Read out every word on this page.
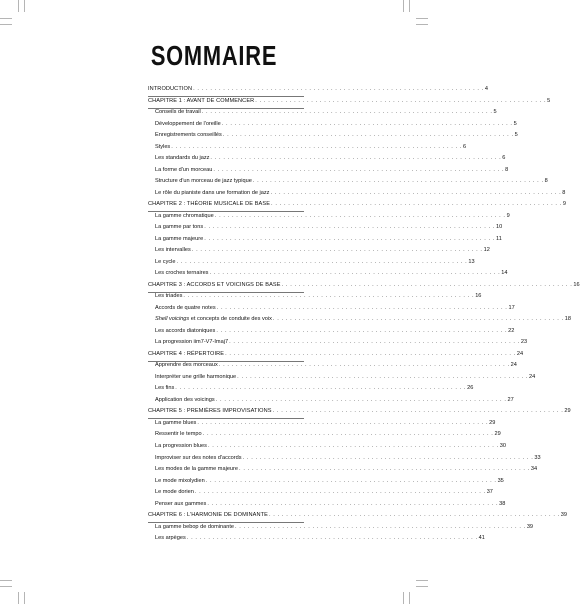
SOMMAIRE
INTRODUCTION . . . . . . . . . . . . . . . . . . . . . . . . . . . . . . . . . . . . . . . . . . . . . . . . . . . . . . . . . . . . . . . . . . . . 4
CHAPITRE 1 : AVANT DE COMMENCER . . . . . . . . . . . . . . . . . . . . . . . . . . . . . . . . . . . . . . . . . . . . . . . . . . . . . . . . . . . . . . . . . . . . 5
Conseils de travail . . . . . . . . . . . . . . . . . . . . . . . . . . . . . . . . . . . . . . . . . . . . . . . . . . . . . . . . . . . . . . . . . . . . 5
Développement de l'oreille . . . . . . . . . . . . . . . . . . . . . . . . . . . . . . . . . . . . . . . . . . . . . . . . . . . . . . . . . . . . . . . . . . . . 5
Enregistrements conseillés . . . . . . . . . . . . . . . . . . . . . . . . . . . . . . . . . . . . . . . . . . . . . . . . . . . . . . . . . . . . . . . . . . . . 5
Styles . . . . . . . . . . . . . . . . . . . . . . . . . . . . . . . . . . . . . . . . . . . . . . . . . . . . . . . . . . . . . . . . . . . . 6
Les standards du jazz . . . . . . . . . . . . . . . . . . . . . . . . . . . . . . . . . . . . . . . . . . . . . . . . . . . . . . . . . . . . . . . . . . . . 6
La forme d'un morceau . . . . . . . . . . . . . . . . . . . . . . . . . . . . . . . . . . . . . . . . . . . . . . . . . . . . . . . . . . . . . . . . . . . . 8
Structure d'un morceau de jazz typique . . . . . . . . . . . . . . . . . . . . . . . . . . . . . . . . . . . . . . . . . . . . . . . . . . . . . . . . . . . . . . . . . . . . 8
Le rôle du pianiste dans une formation de jazz . . . . . . . . . . . . . . . . . . . . . . . . . . . . . . . . . . . . . . . . . . . . . . . . . . . . . . . . . . . . . . . . . . . . 8
CHAPITRE 2 : THÉORIE MUSICALE DE BASE . . . . . . . . . . . . . . . . . . . . . . . . . . . . . . . . . . . . . . . . . . . . . . . . . . . . . . . . . . . . . . . . . . . . 9
La gamme chromatique . . . . . . . . . . . . . . . . . . . . . . . . . . . . . . . . . . . . . . . . . . . . . . . . . . . . . . . . . . . . . . . . . . . . 9
La gamme par tons . . . . . . . . . . . . . . . . . . . . . . . . . . . . . . . . . . . . . . . . . . . . . . . . . . . . . . . . . . . . . . . . . . . . 10
La gamme majeure . . . . . . . . . . . . . . . . . . . . . . . . . . . . . . . . . . . . . . . . . . . . . . . . . . . . . . . . . . . . . . . . . . . . 11
Les intervalles . . . . . . . . . . . . . . . . . . . . . . . . . . . . . . . . . . . . . . . . . . . . . . . . . . . . . . . . . . . . . . . . . . . . 12
Le cycle . . . . . . . . . . . . . . . . . . . . . . . . . . . . . . . . . . . . . . . . . . . . . . . . . . . . . . . . . . . . . . . . . . . . 13
Les croches ternaires . . . . . . . . . . . . . . . . . . . . . . . . . . . . . . . . . . . . . . . . . . . . . . . . . . . . . . . . . . . . . . . . . . . . 14
CHAPITRE 3 : ACCORDS ET VOICINGS DE BASE . . . . . . . . . . . . . . . . . . . . . . . . . . . . . . . . . . . . . . . . . . . . . . . . . . . . . . . . . . . . . . . . . . . . 16
Les triades . . . . . . . . . . . . . . . . . . . . . . . . . . . . . . . . . . . . . . . . . . . . . . . . . . . . . . . . . . . . . . . . . . . . 16
Accords de quatre notes . . . . . . . . . . . . . . . . . . . . . . . . . . . . . . . . . . . . . . . . . . . . . . . . . . . . . . . . . . . . . . . . . . . . 17
Shell voicings et concepts de conduite des voix . . . . . . . . . . . . . . . . . . . . . . . . . . . . . . . . . . . . . . . . . . . . . . . . . . . . . . . . . . . . . . . . . . . . 18
Les accords diatoniques . . . . . . . . . . . . . . . . . . . . . . . . . . . . . . . . . . . . . . . . . . . . . . . . . . . . . . . . . . . . . . . . . . . . 22
La progression iim7-V7-Imaj7 . . . . . . . . . . . . . . . . . . . . . . . . . . . . . . . . . . . . . . . . . . . . . . . . . . . . . . . . . . . . . . . . . . . . 23
CHAPITRE 4 : RÉPERTOIRE . . . . . . . . . . . . . . . . . . . . . . . . . . . . . . . . . . . . . . . . . . . . . . . . . . . . . . . . . . . . . . . . . . . . 24
Apprendre des morceaux . . . . . . . . . . . . . . . . . . . . . . . . . . . . . . . . . . . . . . . . . . . . . . . . . . . . . . . . . . . . . . . . . . . . 24
Interpréter une grille harmonique . . . . . . . . . . . . . . . . . . . . . . . . . . . . . . . . . . . . . . . . . . . . . . . . . . . . . . . . . . . . . . . . . . . . 24
Les fins . . . . . . . . . . . . . . . . . . . . . . . . . . . . . . . . . . . . . . . . . . . . . . . . . . . . . . . . . . . . . . . . . . . . 26
Application des voicings . . . . . . . . . . . . . . . . . . . . . . . . . . . . . . . . . . . . . . . . . . . . . . . . . . . . . . . . . . . . . . . . . . . . 27
CHAPITRE 5 : PREMIÈRES IMPROVISATIONS . . . . . . . . . . . . . . . . . . . . . . . . . . . . . . . . . . . . . . . . . . . . . . . . . . . . . . . . . . . . . . . . . . . . 29
La gamme blues . . . . . . . . . . . . . . . . . . . . . . . . . . . . . . . . . . . . . . . . . . . . . . . . . . . . . . . . . . . . . . . . . . . . 29
Ressentir le tempo . . . . . . . . . . . . . . . . . . . . . . . . . . . . . . . . . . . . . . . . . . . . . . . . . . . . . . . . . . . . . . . . . . . . 29
La progression blues . . . . . . . . . . . . . . . . . . . . . . . . . . . . . . . . . . . . . . . . . . . . . . . . . . . . . . . . . . . . . . . . . . . . 30
Improviser sur des notes d'accords . . . . . . . . . . . . . . . . . . . . . . . . . . . . . . . . . . . . . . . . . . . . . . . . . . . . . . . . . . . . . . . . . . . . 33
Les modes de la gamme majeure . . . . . . . . . . . . . . . . . . . . . . . . . . . . . . . . . . . . . . . . . . . . . . . . . . . . . . . . . . . . . . . . . . . . 34
Le mode mixolydien . . . . . . . . . . . . . . . . . . . . . . . . . . . . . . . . . . . . . . . . . . . . . . . . . . . . . . . . . . . . . . . . . . . . 35
Le mode dorien . . . . . . . . . . . . . . . . . . . . . . . . . . . . . . . . . . . . . . . . . . . . . . . . . . . . . . . . . . . . . . . . . . . . 37
Penser aux gammes . . . . . . . . . . . . . . . . . . . . . . . . . . . . . . . . . . . . . . . . . . . . . . . . . . . . . . . . . . . . . . . . . . . . 38
CHAPITRE 6 : L'HARMONIE DE DOMINANTE . . . . . . . . . . . . . . . . . . . . . . . . . . . . . . . . . . . . . . . . . . . . . . . . . . . . . . . . . . . . . . . . . . . . 39
La gamme bebop de dominante . . . . . . . . . . . . . . . . . . . . . . . . . . . . . . . . . . . . . . . . . . . . . . . . . . . . . . . . . . . . . . . . . . . . 39
Les arpèges . . . . . . . . . . . . . . . . . . . . . . . . . . . . . . . . . . . . . . . . . . . . . . . . . . . . . . . . . . . . . . . . . . . . 41
